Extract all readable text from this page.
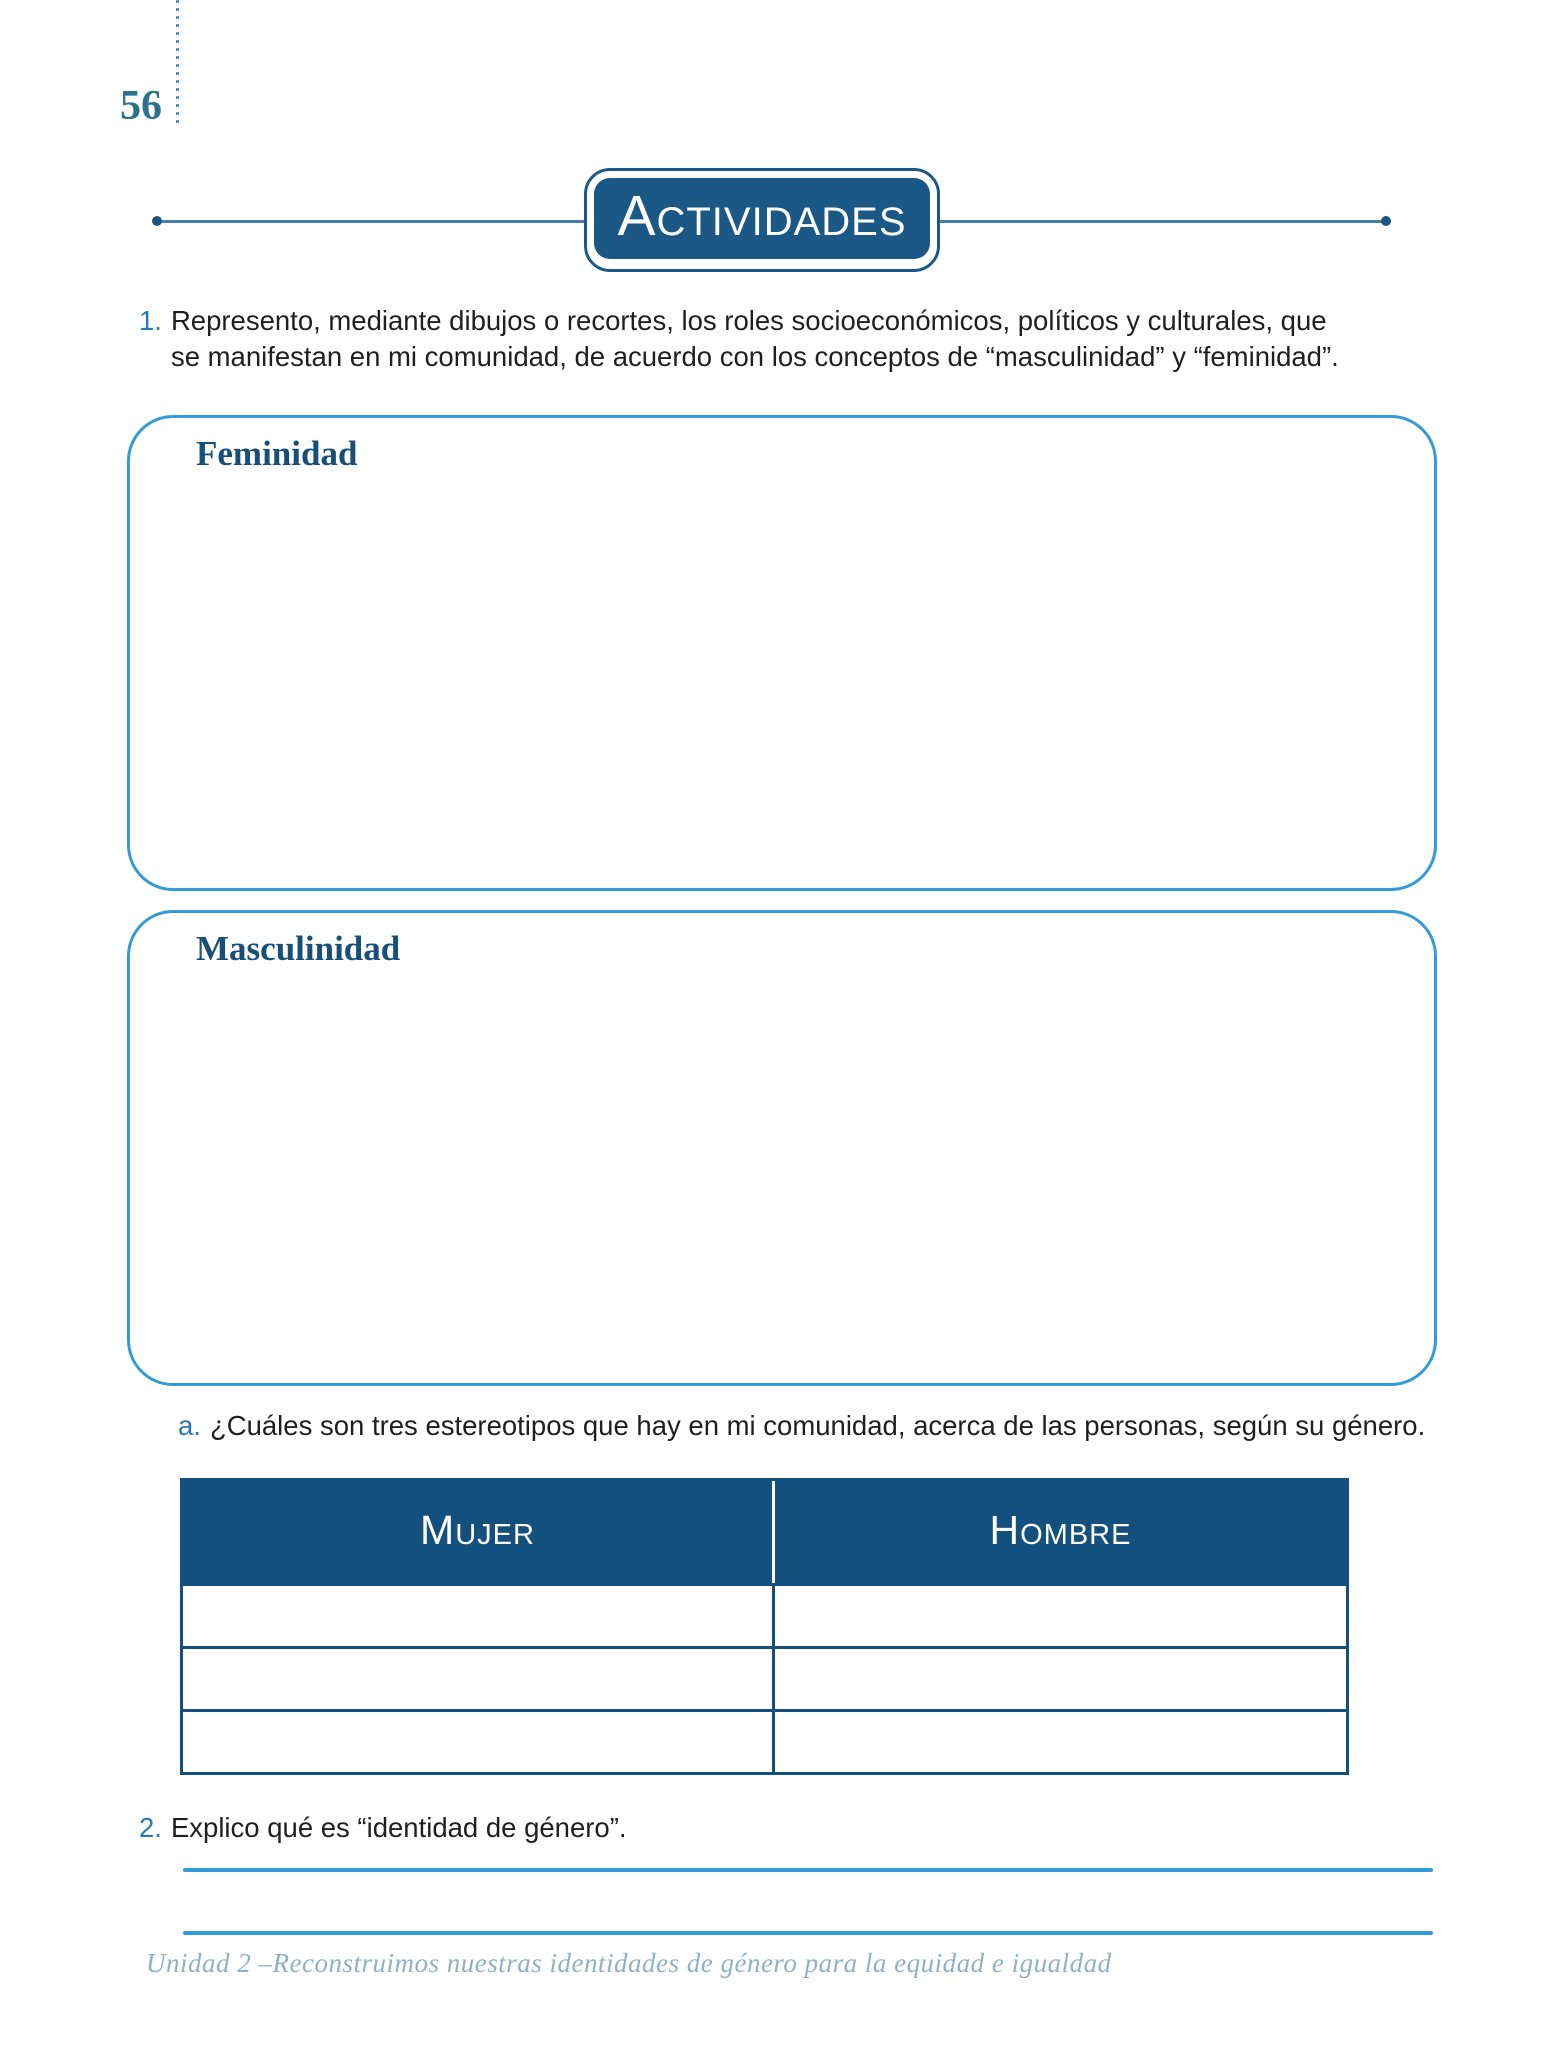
56
ACTIVIDADES
1. Represento, mediante dibujos o recortes, los roles socioeconómicos, políticos y culturales, que
se manifestan en mi comunidad, de acuerdo con los conceptos de “masculinidad” y “feminidad”.
Feminidad
Masculinidad
a. ¿Cuáles son tres estereotipos que hay en mi comunidad, acerca de las personas, según su género.
MUJER	HOMBRE
2. Explico qué es “identidad de género”.
Unidad 2 –Reconstruimos nuestras identidades de género para la equidad e igualdad
